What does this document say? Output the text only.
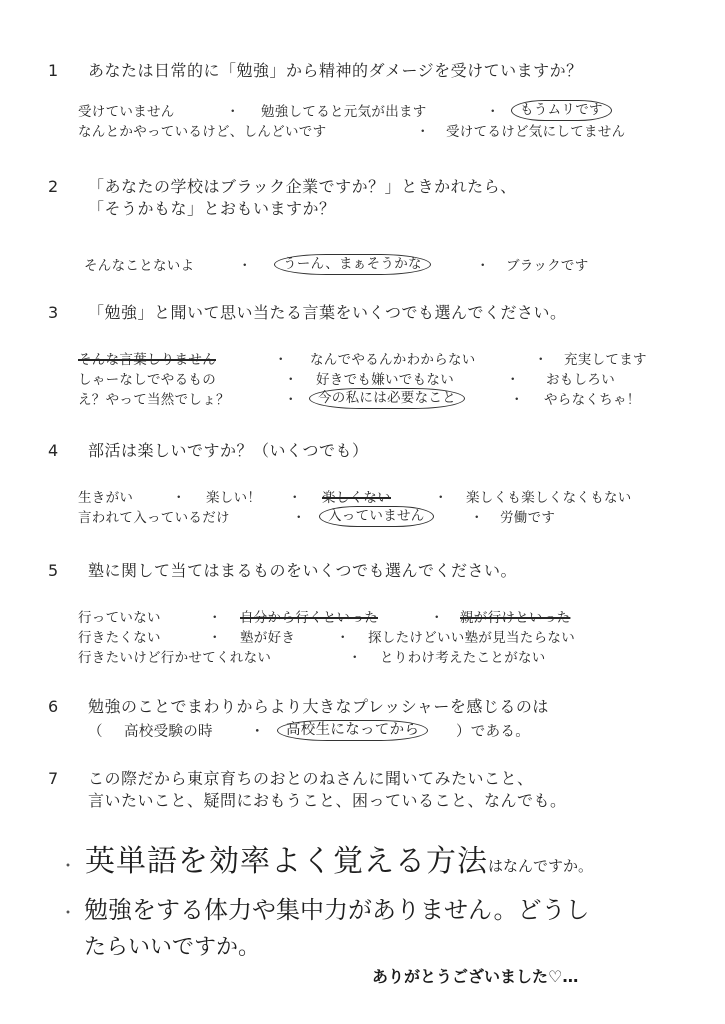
1	あなたは日常的に「勉強」から精神的ダメージを受けていますか？
受けていません	・ 勉強してると元気が出ます	・	もうムリです
なんとかやっているけど、しんどいです	・ 受けてるけど気にしてません
2	「あなたの学校はブラック企業ですか？」ときかれたら、
「そうかもな」とおもいますか？
そんなことないよ	・	うーん、まぁそうかな	・ ブラックです
3	「勉強」と聞いて思い当たる言葉をいくつでも選んでください。
そんな言葉しりません	・ なんでやるんかわからない	・ 充実してます
しゃーなしでやるもの	・ 好きでも嫌いでもない	・ おもしろい
え？やって当然でしょ？	・	今の私には必要なこと	・ やらなくちゃ！
4	部活は楽しいですか？（いくつでも）
生きがい	・ 楽しい！ ・ 楽しくない	・ 楽しくも楽しくなくもない
言われて入っているだけ	・	入っていません	・ 労働です
5	塾に関して当てはまるものをいくつでも選んでください。
行っていない	・ 自分から行くといった	・ 親が行けといった
行きたくない	・ 塾が好き	・ 探したけどいい塾が見当たらない
行きたいけど行かせてくれない	・ とりわけ考えたことがない
6	勉強のことでまわりからより大きなプレッシャーを感じるのは
（ 高校受験の時	・	高校生になってから	）である。
7	この際だから東京育ちのおとのねさんに聞いてみたいこと、
言いたいこと、疑問におもうこと、困っていること、なんでも。
・ 英単語を効率よく覚える方法はなんですか。
・ 勉強をする体力や集中力がありません。どうし
たらいいですか。
ありがとうございました♡…
